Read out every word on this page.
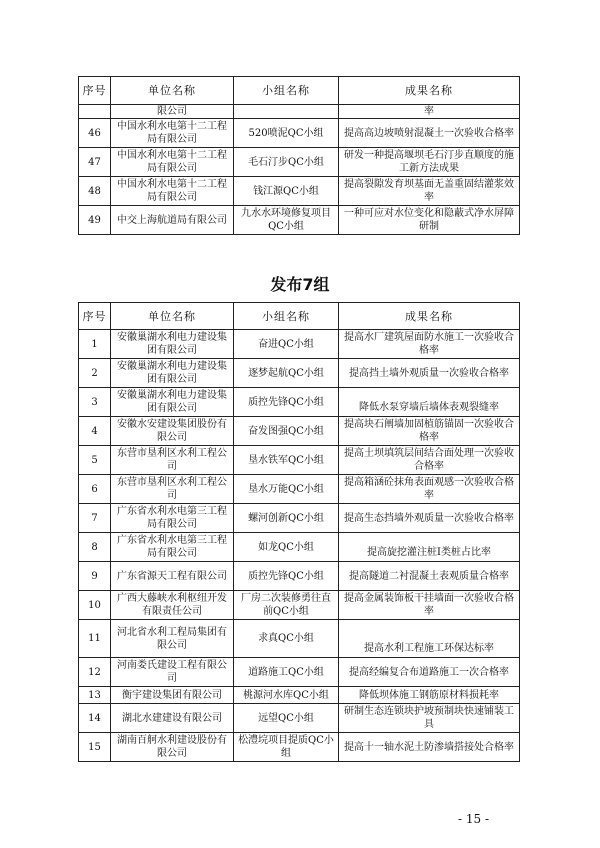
序号	单位名称	小组名称	成果名称
	限公司		率
46	中国水利水电第十二工程局有限公司	520喷泥QC小组	提高高边坡喷射混凝土一次验收合格率
47	中国水利水电第十二工程局有限公司	毛石汀步QC小组	研发一种提高堰坝毛石汀步直顺度的施工新方法成果
48	中国水利水电第十二工程局有限公司	钱江源QC小组	提高裂隙发育坝基面无盖重固结灌浆效率
49	中交上海航道局有限公司	九水水环境修复项目QC小组	一种可应对水位变化和隐蔽式净水屏障研制
发布7组
序号	单位名称	小组名称	成果名称
1	安徽巢湖水利电力建设集团有限公司	奋进QC小组	提高水厂建筑屋面防水施工一次验收合格率
2	安徽巢湖水利电力建设集团有限公司	逐梦起航QC小组	提高挡土墙外观质量一次验收合格率
3	安徽巢湖水利电力建设集团有限公司	质控先锋QC小组	降低水泵穿墙后墙体表观裂缝率
4	安徽水安建设集团股份有限公司	奋发图强QC小组	提高块石阐墙加固植筋锚固一次验收合格率
5	东营市垦利区水利工程公司	垦水铁军QC小组	提高土坝填筑层间结合面处理一次验收合格率
6	东营市垦利区水利工程公司	垦水万能QC小组	提高箱涵砼抹角表面观感一次验收合格率
7	广东省水利水电第三工程局有限公司	螺河创新QC小组	提高生态挡墙外观质量一次验收合格率
8	广东省水利水电第三工程局有限公司	如龙QC小组	提高旋挖灌注桩Ⅰ类桩占比率
9	广东省源天工程有限公司	质控先锋QC小组	提高隧道二衬混凝土表观质量合格率
10	广西大藤峡水利枢纽开发有限责任公司	厂房二次装修勇往直前QC小组	提高金属装饰板干挂墙面一次验收合格率
11	河北省水利工程局集团有限公司	求真QC小组	提高水利工程施工环保达标率
12	河南娄氏建设工程有限公司	道路施工QC小组	提高经编复合布道路施工一次合格率
13	衡宇建设集团有限公司	桃源河水库QC小组	降低坝体施工钢筋原材料损耗率
14	湖北水建建设有限公司	远望QC小组	研制生态连锁块护坡预制块快速铺装工具
15	湖南百舸水利建设股份有限公司	松澧垸项目提质QC小组	提高十一轴水泥土防渗墙搭接处合格率
- 15 -
